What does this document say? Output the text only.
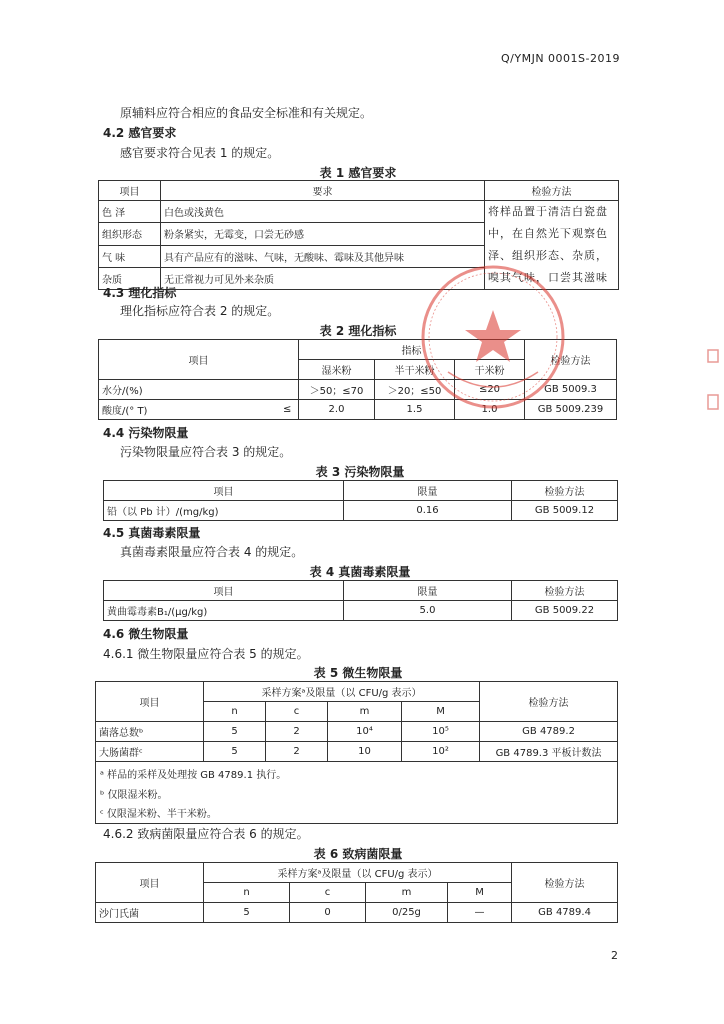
Q/YMJN 0001S-2019
原辅料应符合相应的食品安全标准和有关规定。
4.2 感官要求
感官要求符合见表 1 的规定。
表 1 感官要求
项目	要求	检验方法
色 泽	白色或浅黄色	将样品置于清洁白瓷盘中，在自然光下观察色泽、组织形态、杂质，嗅其气味，口尝其滋味
组织形态	粉条紧实，无霉变，口尝无砂感	
气 味	具有产品应有的滋味、气味，无酸味、霉味及其他异味	
杂质	无正常视力可见外来杂质	
4.3 理化指标
理化指标应符合表 2 的规定。
表 2 理化指标
项目		指标			检验方法
		湿米粉	半干米粉	干米粉	
水分/(%)		＞50；≤70	＞20；≤50	≤20	GB 5009.3
酸度/(° T)	≤	2.0	1.5	1.0	GB 5009.239
4.4 污染物限量
污染物限量应符合表 3 的规定。
表 3 污染物限量
项目	限量	检验方法
铅（以 Pb 计）/(mg/kg)	0.16	GB 5009.12
4.5 真菌毒素限量
真菌毒素限量应符合表 4 的规定。
表 4 真菌毒素限量
项目	限量	检验方法
黄曲霉毒素B₁/(μg/kg)	5.0	GB 5009.22
4.6 微生物限量
4.6.1 微生物限量应符合表 5 的规定。
表 5 微生物限量
项目	采样方案ᵃ及限量（以 CFU/g 表示）				检验方法
	n	c	m	M	
菌落总数ᵇ	5	2	10⁴	10⁵	GB 4789.2
大肠菌群ᶜ	5	2	10	10²	GB 4789.3 平板计数法
ᵃ 样品的采样及处理按 GB 4789.1 执行。
ᵇ 仅限湿米粉。
ᶜ 仅限湿米粉、半干米粉。
4.6.2 致病菌限量应符合表 6 的规定。
表 6 致病菌限量
项目	采样方案ᵃ及限量（以 CFU/g 表示）				检验方法
	n	c	m	M	
沙门氏菌	5	0	0/25g	—	GB 4789.4
2
